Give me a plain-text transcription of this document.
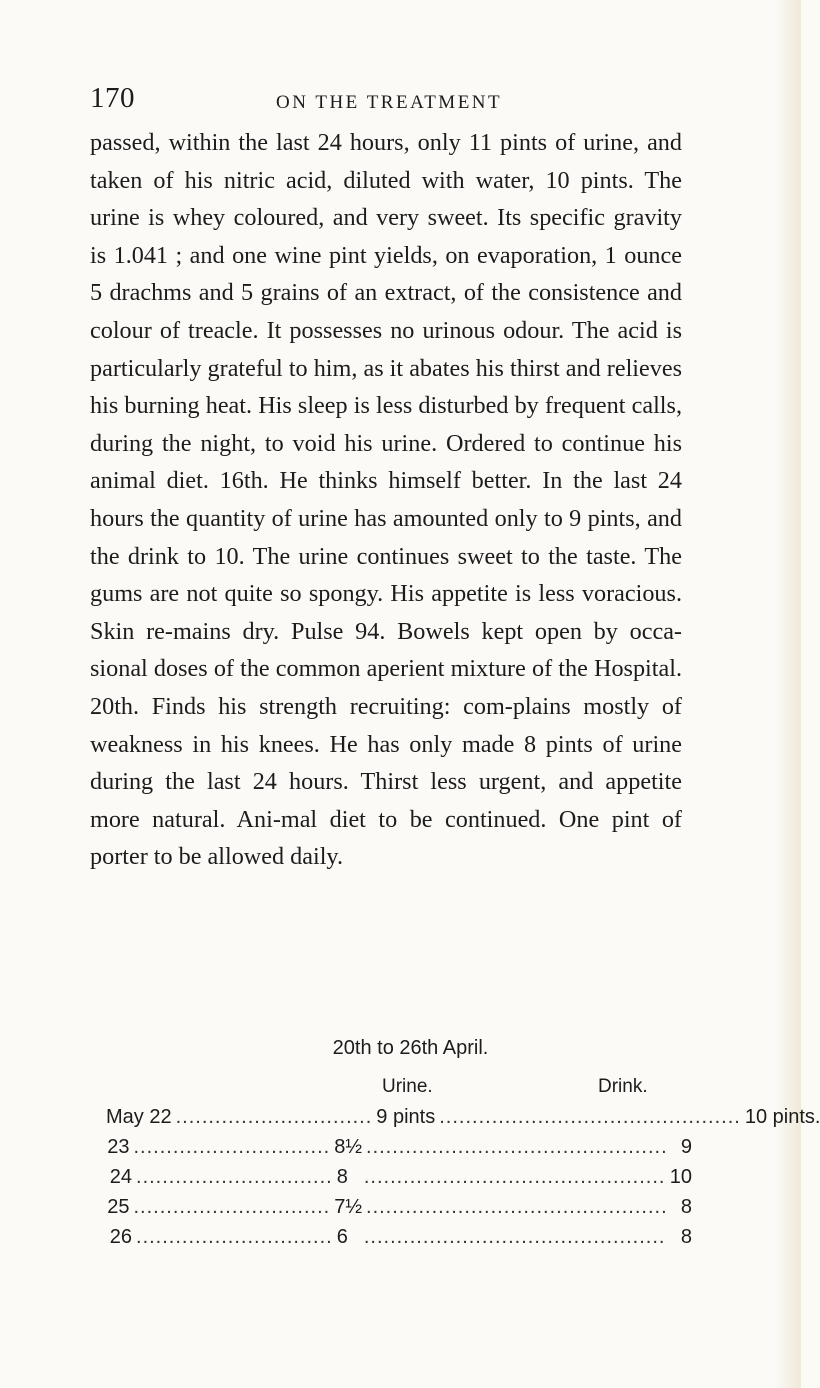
170	ON THE TREATMENT

passed, within the last 24 hours, only 11 pints of urine, and taken of his nitric acid, diluted with water, 10 pints. The urine is whey coloured, and very sweet. Its specific gravity is 1.041 ; and one wine pint yields, on evaporation, 1 ounce 5 drachms and 5 grains of an extract, of the consistence and colour of treacle. It possesses no urinous odour. The acid is particularly grateful to him, as it abates his thirst and relieves his burning heat. His sleep is less disturbed by frequent calls, during the night, to void his urine. Ordered to continue his animal diet. 16th. He thinks himself better. In the last 24 hours the quantity of urine has amounted only to 9 pints, and the drink to 10. The urine continues sweet to the taste. The gums are not quite so spongy. His appetite is less voracious. Skin re-mains dry. Pulse 94. Bowels kept open by occa-sional doses of the common aperient mixture of the Hospital. 20th. Finds his strength recruiting: com-plains mostly of weakness in his knees. He has only made 8 pints of urine during the last 24 hours. Thirst less urgent, and appetite more natural. Ani-mal diet to be continued. One pint of porter to be allowed daily.

20th to 26th April.
Urine.	Drink.
May 22 .............................. 9 pints .............................................. 10 pints.
23 .............................. 8½ .............................................. 9
24 .............................. 8 .............................................. 10
25 .............................. 7½ .............................................. 8
26 .............................. 6 .............................................. 8
